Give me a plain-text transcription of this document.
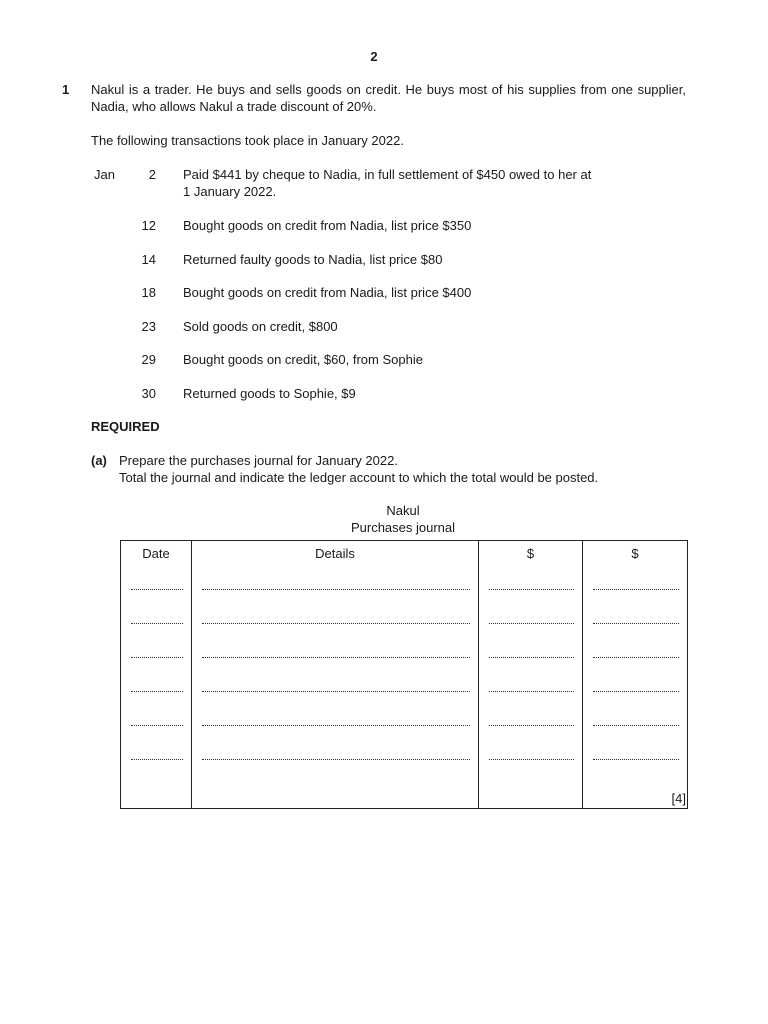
2
1 Nakul is a trader. He buys and sells goods on credit. He buys most of his supplies from one supplier, Nadia, who allows Nakul a trade discount of 20%.
The following transactions took place in January 2022.
Jan	2 Paid $441 by cheque to Nadia, in full settlement of $450 owed to her at
1 January 2022.
12 Bought goods on credit from Nadia, list price $350
14 Returned faulty goods to Nadia, list price $80
18 Bought goods on credit from Nadia, list price $400
23 Sold goods on credit, $800
29 Bought goods on credit, $60, from Sophie
30 Returned goods to Sophie, $9
REQUIRED
(a) Prepare the purchases journal for January 2022.
Total the journal and indicate the ledger account to which the total would be posted.
Nakul
Purchases journal
Date	Details	$	$

[4]
